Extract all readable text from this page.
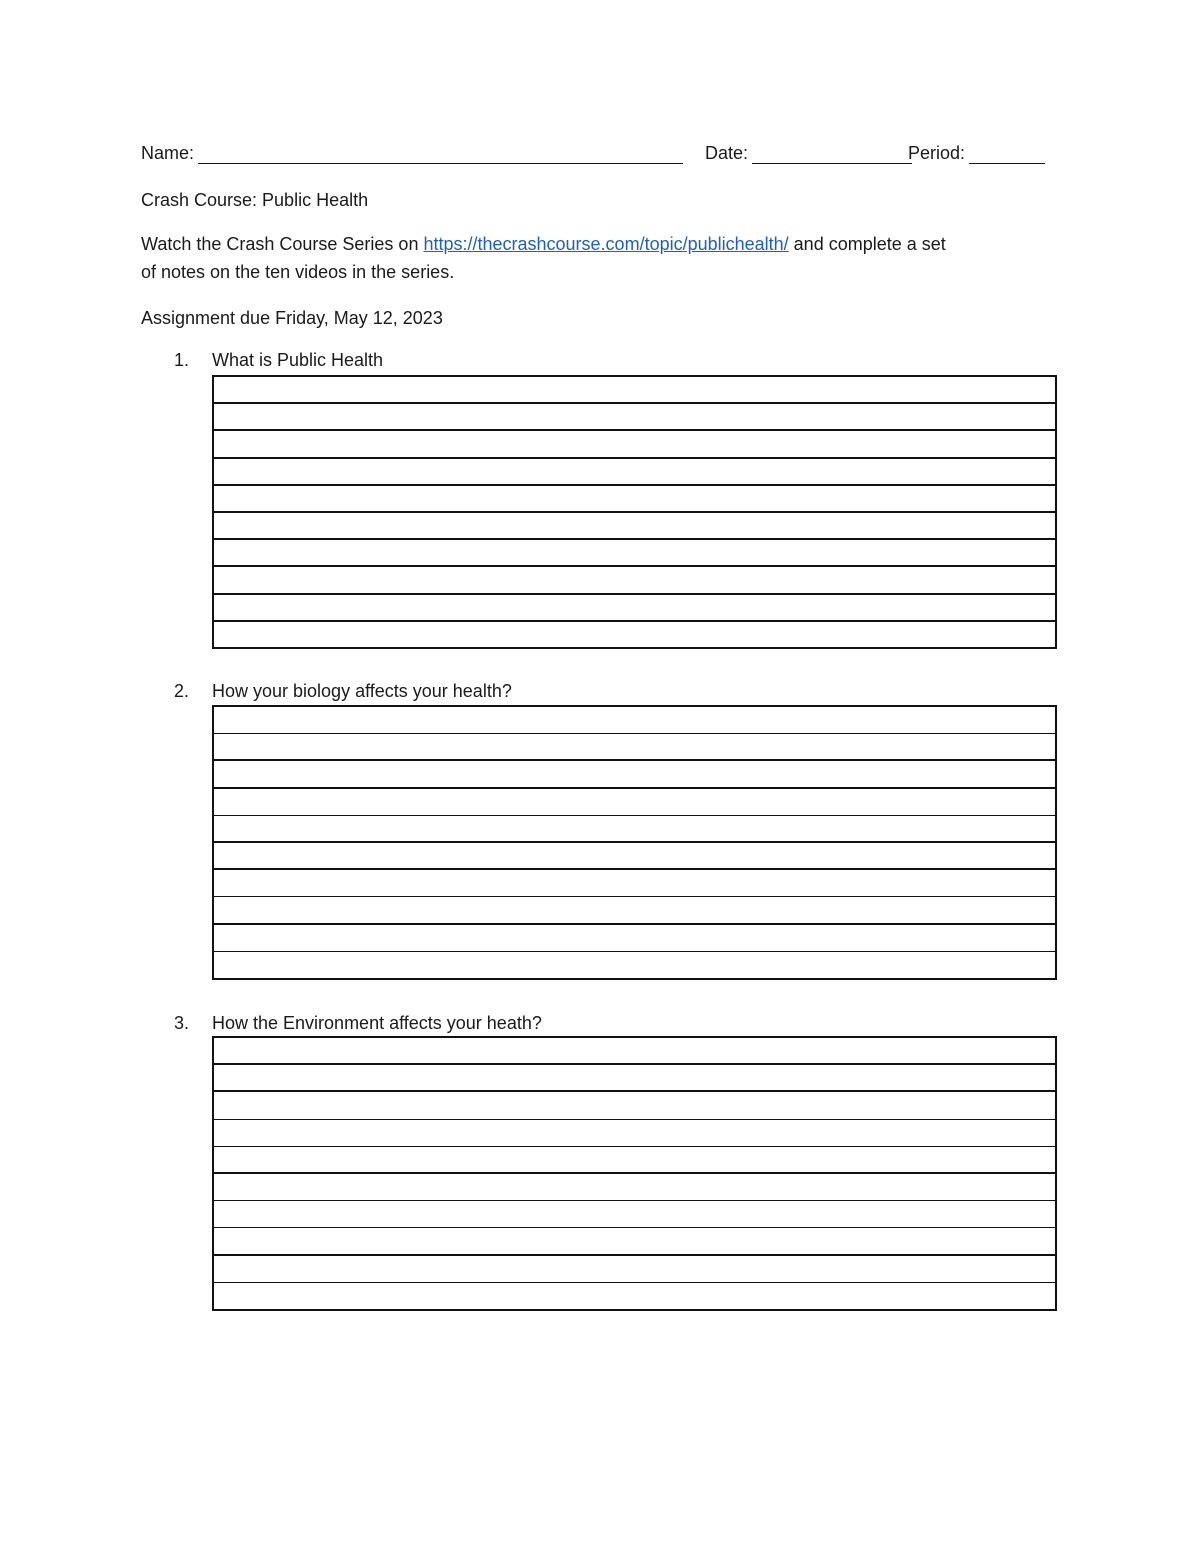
Name:	Date:	Period:
Crash Course: Public Health
Watch the Crash Course Series on https://thecrashcourse.com/topic/publichealth/ and complete a set
of notes on the ten videos in the series.
Assignment due Friday, May 12, 2023
1. What is Public Health
2. How your biology affects your health?
3. How the Environment affects your heath?
